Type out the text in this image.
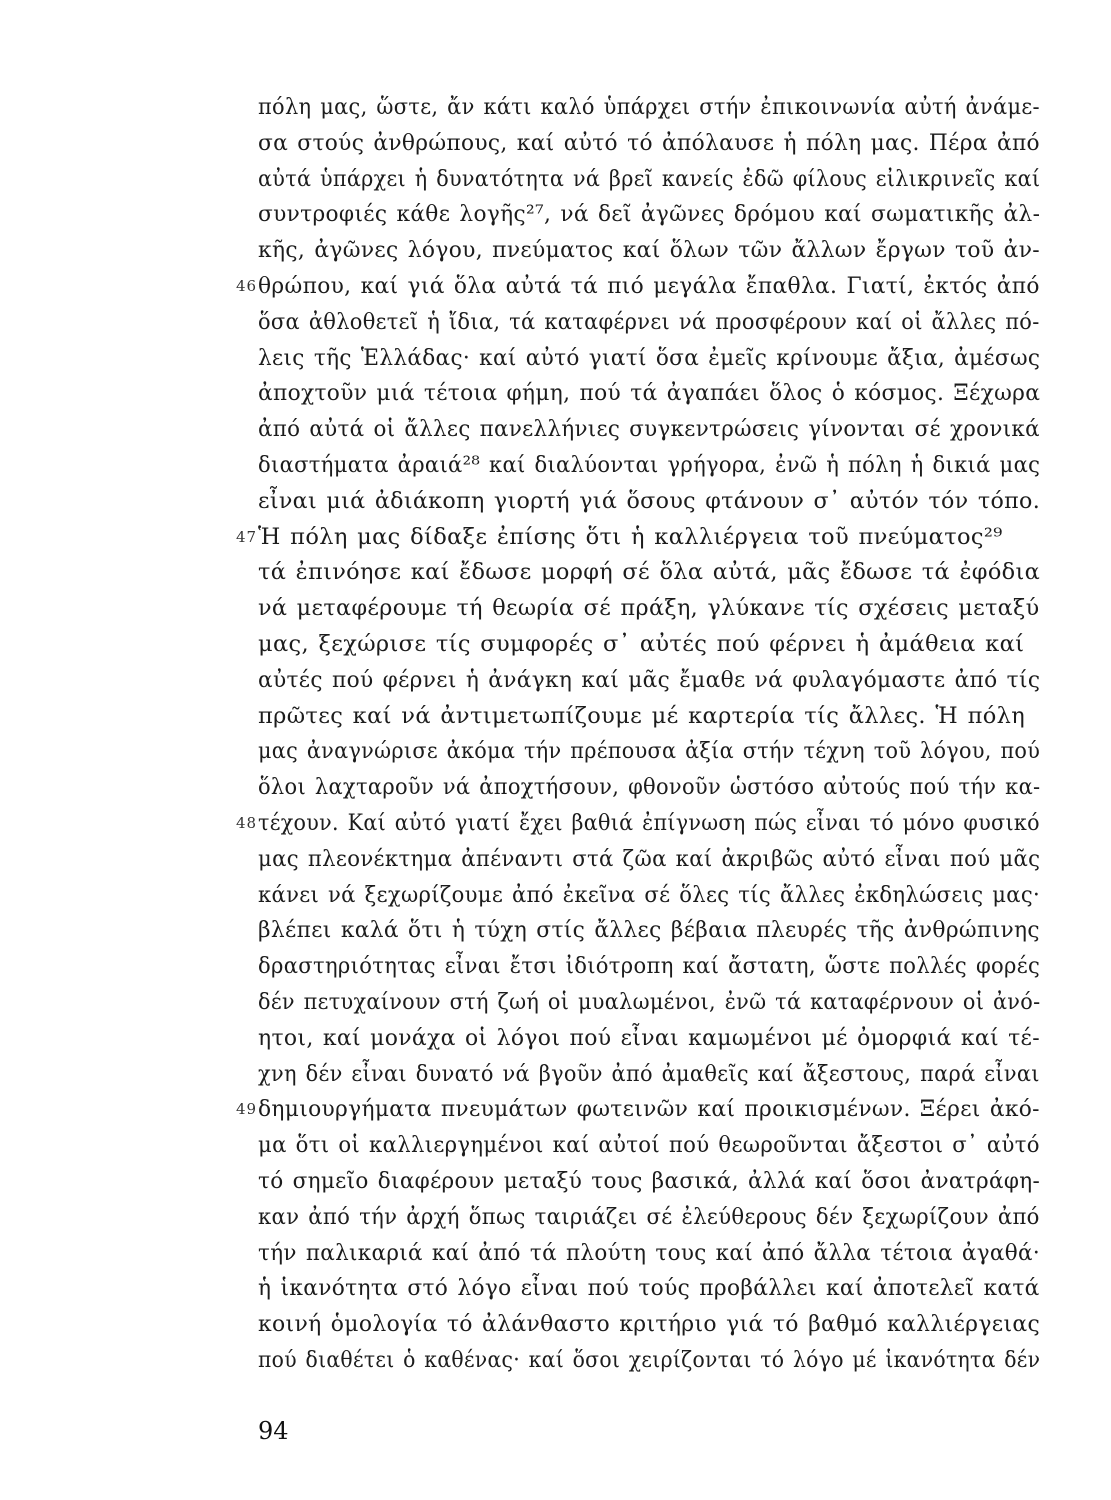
πόλη μας, ὥστε, ἄν κάτι καλό ὑπάρχει στήν ἐπικοινωνία αὐτή ἀνάμε-
σα στούς ἀνθρώπους, καί αὐτό τό ἀπόλαυσε ἡ πόλη μας. Πέρα ἀπό
αὐτά ὑπάρχει ἡ δυνατότητα νά βρεῖ κανείς ἐδῶ φίλους εἰλικρινεῖς καί
συντροφιές κάθε λογῆς²⁷, νά δεῖ ἀγῶνες δρόμου καί σωματικῆς ἀλ-
κῆς, ἀγῶνες λόγου, πνεύματος καί ὅλων τῶν ἄλλων ἔργων τοῦ ἀν-
θρώπου, καί γιά ὅλα αὐτά τά πιό μεγάλα ἔπαθλα. Γιατί, ἐκτός ἀπό
ὅσα ἀθλοθετεῖ ἡ ἴδια, τά καταφέρνει νά προσφέρουν καί οἱ ἄλλες πό-
λεις τῆς Ἑλλάδας· καί αὐτό γιατί ὅσα ἐμεῖς κρίνουμε ἄξια, ἀμέσως
ἀποχτοῦν μιά τέτοια φήμη, πού τά ἀγαπάει ὅλος ὁ κόσμος. Ξέχωρα
ἀπό αὐτά οἱ ἄλλες πανελλήνιες συγκεντρώσεις γίνονται σέ χρονικά
διαστήματα ἀραιά²⁸ καί διαλύονται γρήγορα, ἐνῶ ἡ πόλη ἡ δικιά μας
εἶναι μιά ἀδιάκοπη γιορτή γιά ὅσους φτάνουν σ᾽ αὐτόν τόν τόπο.
Ἡ πόλη μας δίδαξε ἐπίσης ὅτι ἡ καλλιέργεια τοῦ πνεύματος²⁹
τά ἐπινόησε καί ἔδωσε μορφή σέ ὅλα αὐτά, μᾶς ἔδωσε τά ἐφόδια
νά μεταφέρουμε τή θεωρία σέ πράξη, γλύκανε τίς σχέσεις μεταξύ
μας, ξεχώρισε τίς συμφορές σ᾽ αὐτές πού φέρνει ἡ ἀμάθεια καί
αὐτές πού φέρνει ἡ ἀνάγκη καί μᾶς ἔμαθε νά φυλαγόμαστε ἀπό τίς
πρῶτες καί νά ἀντιμετωπίζουμε μέ καρτερία τίς ἄλλες. Ἡ πόλη
μας ἀναγνώρισε ἀκόμα τήν πρέπουσα ἀξία στήν τέχνη τοῦ λόγου, πού
ὅλοι λαχταροῦν νά ἀποχτήσουν, φθονοῦν ὡστόσο αὐτούς πού τήν κα-
τέχουν. Καί αὐτό γιατί ἔχει βαθιά ἐπίγνωση πώς εἶναι τό μόνο φυσικό
μας πλεονέκτημα ἀπέναντι στά ζῶα καί ἀκριβῶς αὐτό εἶναι πού μᾶς
κάνει νά ξεχωρίζουμε ἀπό ἐκεῖνα σέ ὅλες τίς ἄλλες ἐκδηλώσεις μας·
βλέπει καλά ὅτι ἡ τύχη στίς ἄλλες βέβαια πλευρές τῆς ἀνθρώπινης
δραστηριότητας εἶναι ἔτσι ἰδιότροπη καί ἄστατη, ὥστε πολλές φορές
δέν πετυχαίνουν στή ζωή οἱ μυαλωμένοι, ἐνῶ τά καταφέρνουν οἱ ἀνό-
ητοι, καί μονάχα οἱ λόγοι πού εἶναι καμωμένοι μέ ὀμορφιά καί τέ-
χνη δέν εἶναι δυνατό νά βγοῦν ἀπό ἀμαθεῖς καί ἄξεστους, παρά εἶναι
δημιουργήματα πνευμάτων φωτεινῶν καί προικισμένων. Ξέρει ἀκό-
μα ὅτι οἱ καλλιεργημένοι καί αὐτοί πού θεωροῦνται ἄξεστοι σ᾽ αὐτό
τό σημεῖο διαφέρουν μεταξύ τους βασικά, ἀλλά καί ὅσοι ἀνατράφη-
καν ἀπό τήν ἀρχή ὅπως ταιριάζει σέ ἐλεύθερους δέν ξεχωρίζουν ἀπό
τήν παλικαριά καί ἀπό τά πλούτη τους καί ἀπό ἄλλα τέτοια ἀγαθά·
ἡ ἱκανότητα στό λόγο εἶναι πού τούς προβάλλει καί ἀποτελεῖ κατά
κοινή ὁμολογία τό ἀλάνθαστο κριτήριο γιά τό βαθμό καλλιέργειας
πού διαθέτει ὁ καθένας· καί ὅσοι χειρίζονται τό λόγο μέ ἱκανότητα δέν
46
47
48
49
94
